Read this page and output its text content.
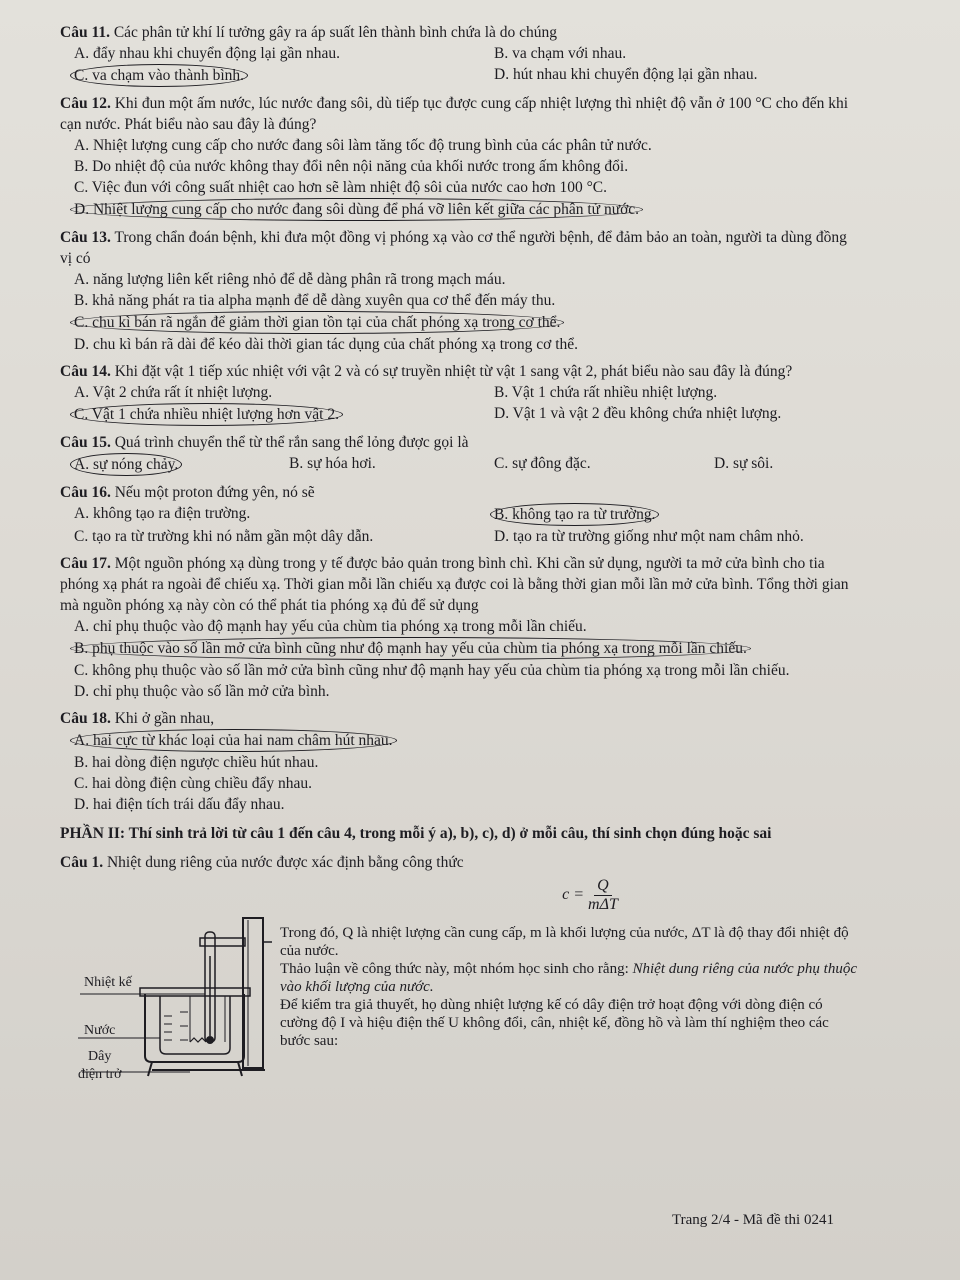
Câu 11. Các phân tử khí lí tưởng gây ra áp suất lên thành bình chứa là do chúng
A. đẩy nhau khi chuyển động lại gần nhau.	B. va chạm với nhau.
C. va chạm vào thành bình.	D. hút nhau khi chuyển động lại gần nhau.
Câu 12. Khi đun một ấm nước, lúc nước đang sôi, dù tiếp tục được cung cấp nhiệt lượng thì nhiệt độ vẫn ở 100 °C cho đến khi cạn nước. Phát biểu nào sau đây là đúng?
A. Nhiệt lượng cung cấp cho nước đang sôi làm tăng tốc độ trung bình của các phân tử nước.
B. Do nhiệt độ của nước không thay đổi nên nội năng của khối nước trong ấm không đổi.
C. Việc đun với công suất nhiệt cao hơn sẽ làm nhiệt độ sôi của nước cao hơn 100 °C.
D. Nhiệt lượng cung cấp cho nước đang sôi dùng để phá vỡ liên kết giữa các phân tử nước.
Câu 13. Trong chẩn đoán bệnh, khi đưa một đồng vị phóng xạ vào cơ thể người bệnh, để đảm bảo an toàn, người ta dùng đồng vị có
A. năng lượng liên kết riêng nhỏ để dễ dàng phân rã trong mạch máu.
B. khả năng phát ra tia alpha mạnh để dễ dàng xuyên qua cơ thể đến máy thu.
C. chu kì bán rã ngắn để giảm thời gian tồn tại của chất phóng xạ trong cơ thể.
D. chu kì bán rã dài để kéo dài thời gian tác dụng của chất phóng xạ trong cơ thể.
Câu 14. Khi đặt vật 1 tiếp xúc nhiệt với vật 2 và có sự truyền nhiệt từ vật 1 sang vật 2, phát biểu nào sau đây là đúng?
A. Vật 2 chứa rất ít nhiệt lượng.	B. Vật 1 chứa rất nhiều nhiệt lượng.
C. Vật 1 chứa nhiều nhiệt lượng hơn vật 2.	D. Vật 1 và vật 2 đều không chứa nhiệt lượng.
Câu 15. Quá trình chuyển thể từ thể rắn sang thể lỏng được gọi là
A. sự nóng chảy.	B. sự hóa hơi.	C. sự đông đặc.	D. sự sôi.
Câu 16. Nếu một proton đứng yên, nó sẽ
A. không tạo ra điện trường.	B. không tạo ra từ trường.
C. tạo ra từ trường khi nó nằm gần một dây dẫn.	D. tạo ra từ trường giống như một nam châm nhỏ.
Câu 17. Một nguồn phóng xạ dùng trong y tế được bảo quản trong bình chì. Khi cần sử dụng, người ta mở cửa bình cho tia phóng xạ phát ra ngoài để chiếu xạ. Thời gian mỗi lần chiếu xạ được coi là bằng thời gian mỗi lần mở cửa bình. Tổng thời gian mà nguồn phóng xạ này còn có thể phát tia phóng xạ đủ để sử dụng
A. chỉ phụ thuộc vào độ mạnh hay yếu của chùm tia phóng xạ trong mỗi lần chiếu.
B. phụ thuộc vào số lần mở cửa bình cũng như độ mạnh hay yếu của chùm tia phóng xạ trong mỗi lần chiếu.
C. không phụ thuộc vào số lần mở cửa bình cũng như độ mạnh hay yếu của chùm tia phóng xạ trong mỗi lần chiếu.
D. chỉ phụ thuộc vào số lần mở cửa bình.
Câu 18. Khi ở gần nhau,
A. hai cực từ khác loại của hai nam châm hút nhau.
B. hai dòng điện ngược chiều hút nhau.
C. hai dòng điện cùng chiều đẩy nhau.
D. hai điện tích trái dấu đẩy nhau.
PHẦN II: Thí sinh trả lời từ câu 1 đến câu 4, trong mỗi ý a), b), c), d) ở mỗi câu, thí sinh chọn đúng hoặc sai
Câu 1. Nhiệt dung riêng của nước được xác định bằng công thức
$c = \frac{Q}{\text{mΔT}}$
Nhiệt kế
Nước
Dây
điện trở
Trong đó, Q là nhiệt lượng cần cung cấp, m là khối lượng của nước, ΔT là độ thay đổi nhiệt độ của nước.
Thảo luận về công thức này, một nhóm học sinh cho rằng: Nhiệt dung riêng của nước phụ thuộc vào khối lượng của nước.
Để kiểm tra giả thuyết, họ dùng nhiệt lượng kế có dây điện trở hoạt động với dòng điện có cường độ I và hiệu điện thế U không đổi, cân, nhiệt kế, đồng hồ và làm thí nghiệm theo các bước sau:
Trang 2/4 - Mã đề thi 0241
